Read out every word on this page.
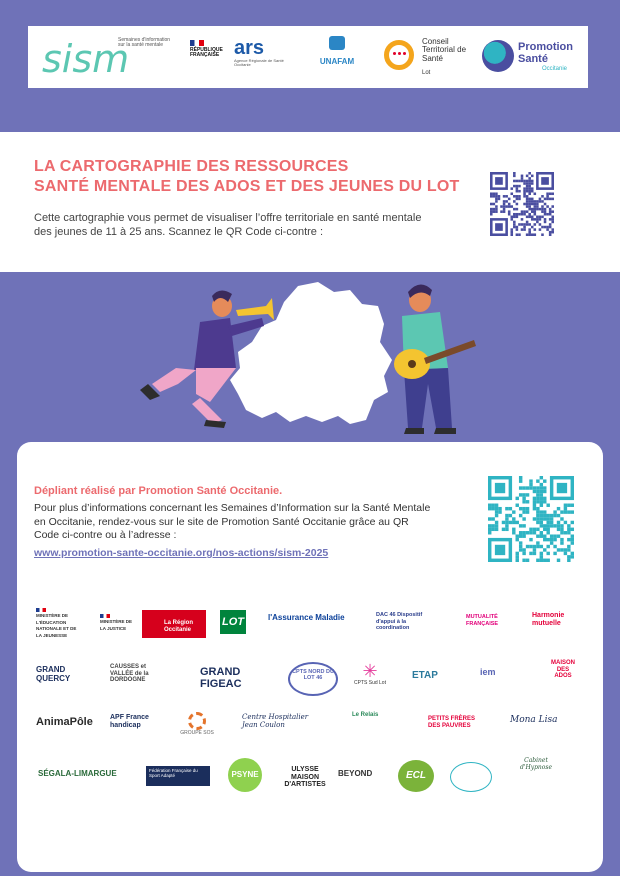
sism
Semaines d'information sur la santé mentale
RÉPUBLIQUE FRANÇAISE ars
Agence Régionale de Santé Occitanie	UNAFAM
Conseil Territorial de Santé
Lot
Promotion Santé
Occitanie
LA CARTOGRAPHIE DES RESSOURCES
SANTÉ MENTALE DES ADOS ET DES JEUNES DU LOT
Cette cartographie vous permet de visualiser l’offre territoriale en santé mentale des jeunes de 11 à 25 ans. Scannez le QR Code ci-contre :
Dépliant réalisé par Promotion Santé Occitanie.
Pour plus d’informations concernant les Semaines d’Information sur la Santé Mentale en Occitanie, rendez-vous sur le site de Promotion Santé Occitanie grâce au QR Code ci-contre ou à l’adresse :
www.promotion-sante-occitanie.org/nos-actions/sism-2025
MINISTÈRE DE L'ÉDUCATION NATIONALE ET DE LA JEUNESSE
MINISTÈRE DE LA JUSTICE
La Région Occitanie
LOT	l'Assurance Maladie	DAC 46 Dispositif d'appui à la coordination
MUTUALITÉ FRANÇAISE
Harmonie mutuelle
GRAND QUERCY
CAUSSES et VALLÉE de la DORDOGNE
GRAND FIGEAC
CPTS NORD DU LOT 46	✳
CPTS Sud Lot
ETAP	iem
MAISON DES ADOS
AnimaPôle	APF France handicap
GROUPE SOS
Centre Hospitalier Jean Coulon
Le Relais
PETITS FRÈRES DES PAUVRES
Mona Lisa
SÉGALA-LIMARGUE	Fédération Française du Sport Adapté	PSYNE
ULYSSE MAISON D'ARTISTES
BEYOND	ECL
Cabinet d'Hypnose
